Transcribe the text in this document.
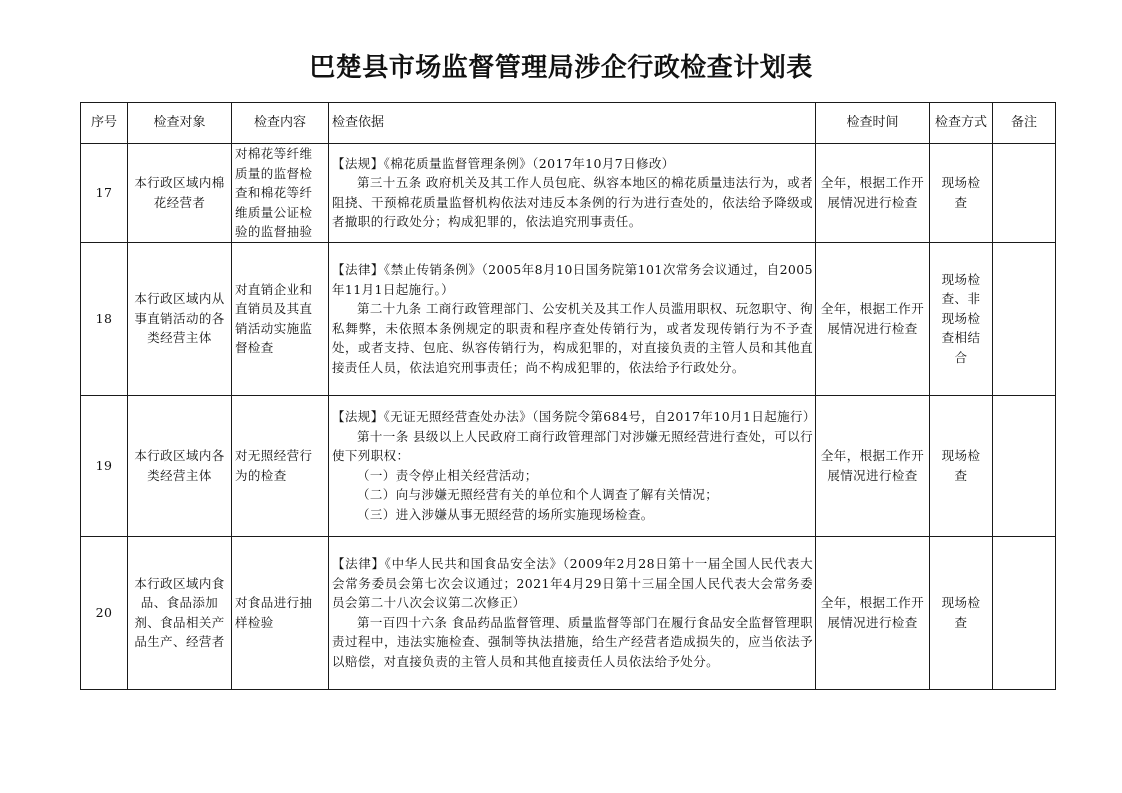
巴楚县市场监督管理局涉企行政检查计划表
序号	检查对象	检查内容	检查依据	检查时间	检查方式	备注
17	本行政区域内棉花经营者	对棉花等纤维质量的监督检查和棉花等纤维质量公证检验的监督抽验	【法规】《棉花质量监督管理条例》（2017年10月7日修改）

第三十五条 政府机关及其工作人员包庇、纵容本地区的棉花质量违法行为，或者阻挠、干预棉花质量监督机构依法对违反本条例的行为进行查处的，依法给予降级或者撤职的行政处分；构成犯罪的，依法追究刑事责任。	全年，根据工作开展情况进行检查	现场检查	
18	本行政区域内从事直销活动的各类经营主体	对直销企业和直销员及其直销活动实施监督检查	【法律】《禁止传销条例》（2005年8月10日国务院第101次常务会议通过，自2005年11月1日起施行。）

第二十九条 工商行政管理部门、公安机关及其工作人员滥用职权、玩忽职守、徇私舞弊，未依照本条例规定的职责和程序查处传销行为，或者发现传销行为不予查处，或者支持、包庇、纵容传销行为，构成犯罪的，对直接负责的主管人员和其他直接责任人员，依法追究刑事责任；尚不构成犯罪的，依法给予行政处分。	全年，根据工作开展情况进行检查	现场检查、非现场检查相结合	
19	本行政区域内各类经营主体	对无照经营行为的检查	【法规】《无证无照经营查处办法》（国务院令第684号，自2017年10月1日起施行）

第十一条 县级以上人民政府工商行政管理部门对涉嫌无照经营进行查处，可以行使下列职权：

（一）责令停止相关经营活动；

（二）向与涉嫌无照经营有关的单位和个人调查了解有关情况；

（三）进入涉嫌从事无照经营的场所实施现场检查。	全年，根据工作开展情况进行检查	现场检查	
20	本行政区域内食品、食品添加剂、食品相关产品生产、经营者	对食品进行抽样检验	【法律】《中华人民共和国食品安全法》（2009年2月28日第十一届全国人民代表大会常务委员会第七次会议通过；2021年4月29日第十三届全国人民代表大会常务委员会第二十八次会议第二次修正）

第一百四十六条 食品药品监督管理、质量监督等部门在履行食品安全监督管理职责过程中，违法实施检查、强制等执法措施，给生产经营者造成损失的，应当依法予以赔偿，对直接负责的主管人员和其他直接责任人员依法给予处分。	全年，根据工作开展情况进行检查	现场检查	
